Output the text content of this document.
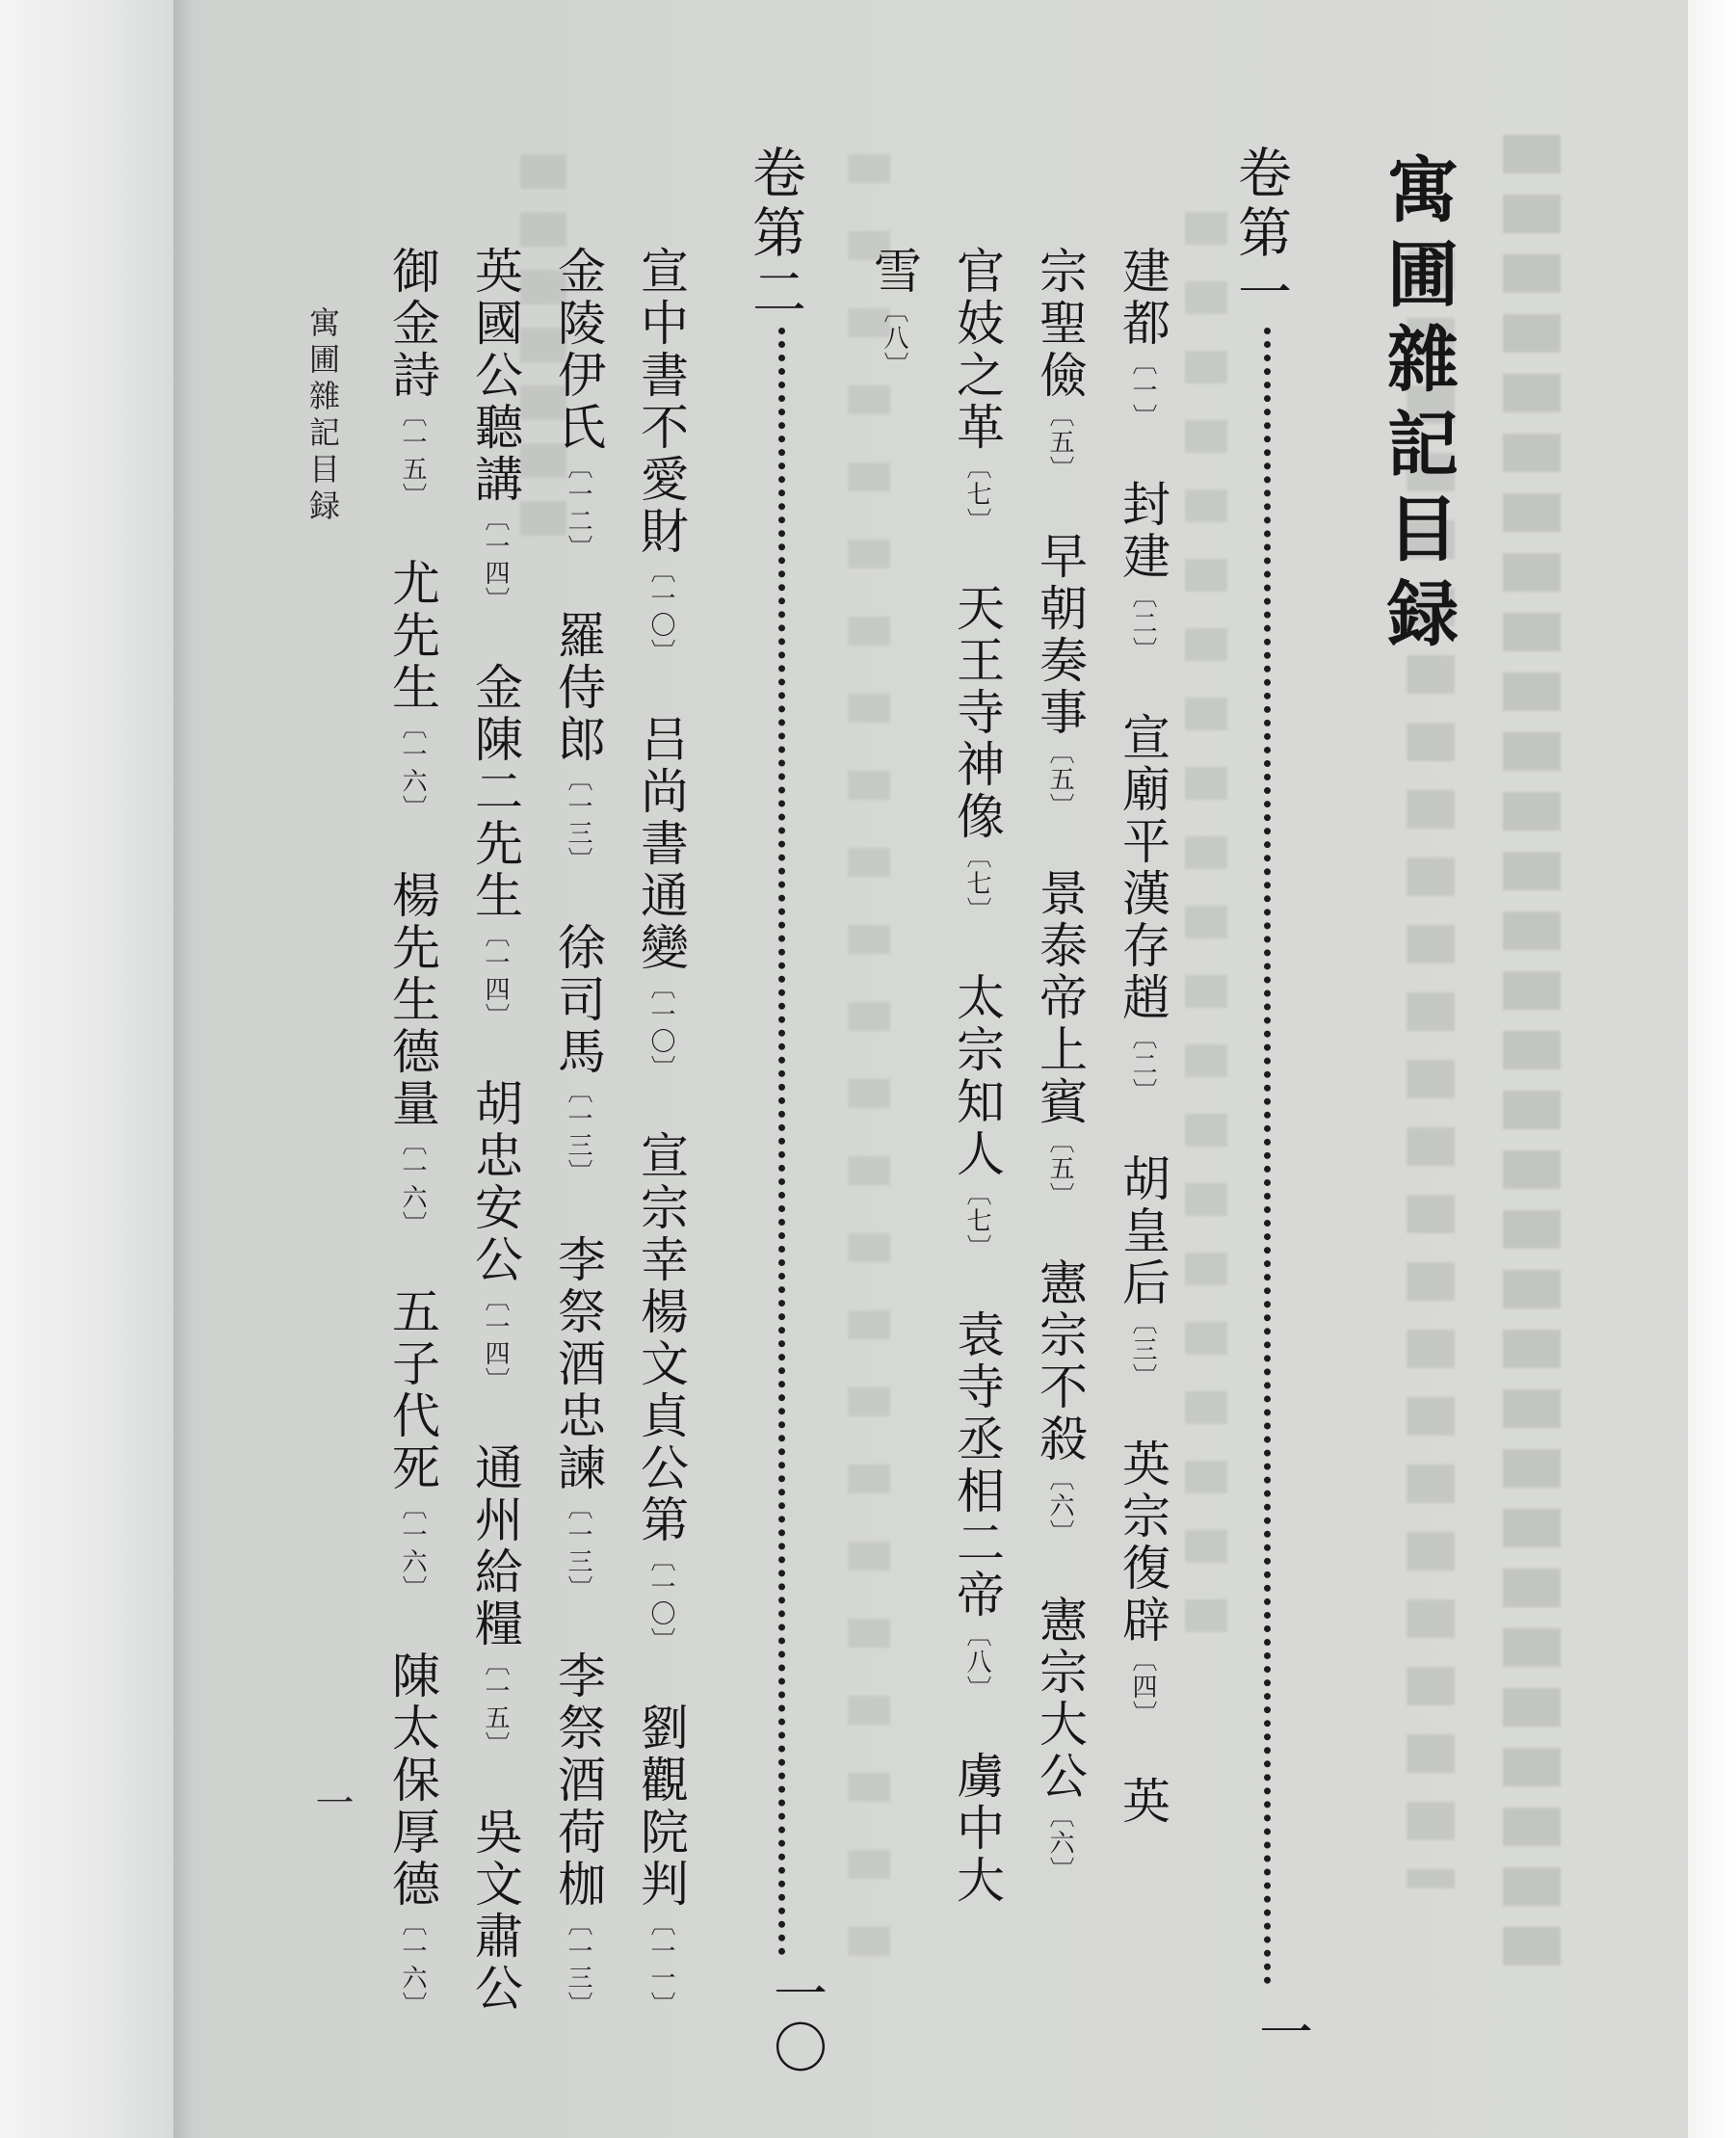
寓圃雜記目録
卷第一
一
建都〔一〕 封建〔二〕 宣廟平漢存趙〔二〕 胡皇后〔三〕 英宗復辟〔四〕 英
宗聖儉〔五〕 早朝奏事〔五〕 景泰帝上賓〔五〕 憲宗不殺〔六〕 憲宗大公〔六〕
官妓之革〔七〕 天王寺神像〔七〕 太宗知人〔七〕 袁寺丞相二帝〔八〕 虜中大
雪〔八〕
卷第二
一〇
宣中書不愛財〔一〇〕 吕尚書通變〔一〇〕 宣宗幸楊文貞公第〔一〇〕 劉觀院判〔一一〕
金陵伊氏〔一二〕 羅侍郎〔一三〕 徐司馬〔一三〕 李祭酒忠諫〔一三〕 李祭酒荷枷〔一三〕
英國公聽講〔一四〕 金陳二先生〔一四〕 胡忠安公〔一四〕 通州給糧〔一五〕 吳文肅公
御金詩〔一五〕 尤先生〔一六〕 楊先生德量〔一六〕 五子代死〔一六〕 陳太保厚德〔一六〕
寓圃雜記目録
一
